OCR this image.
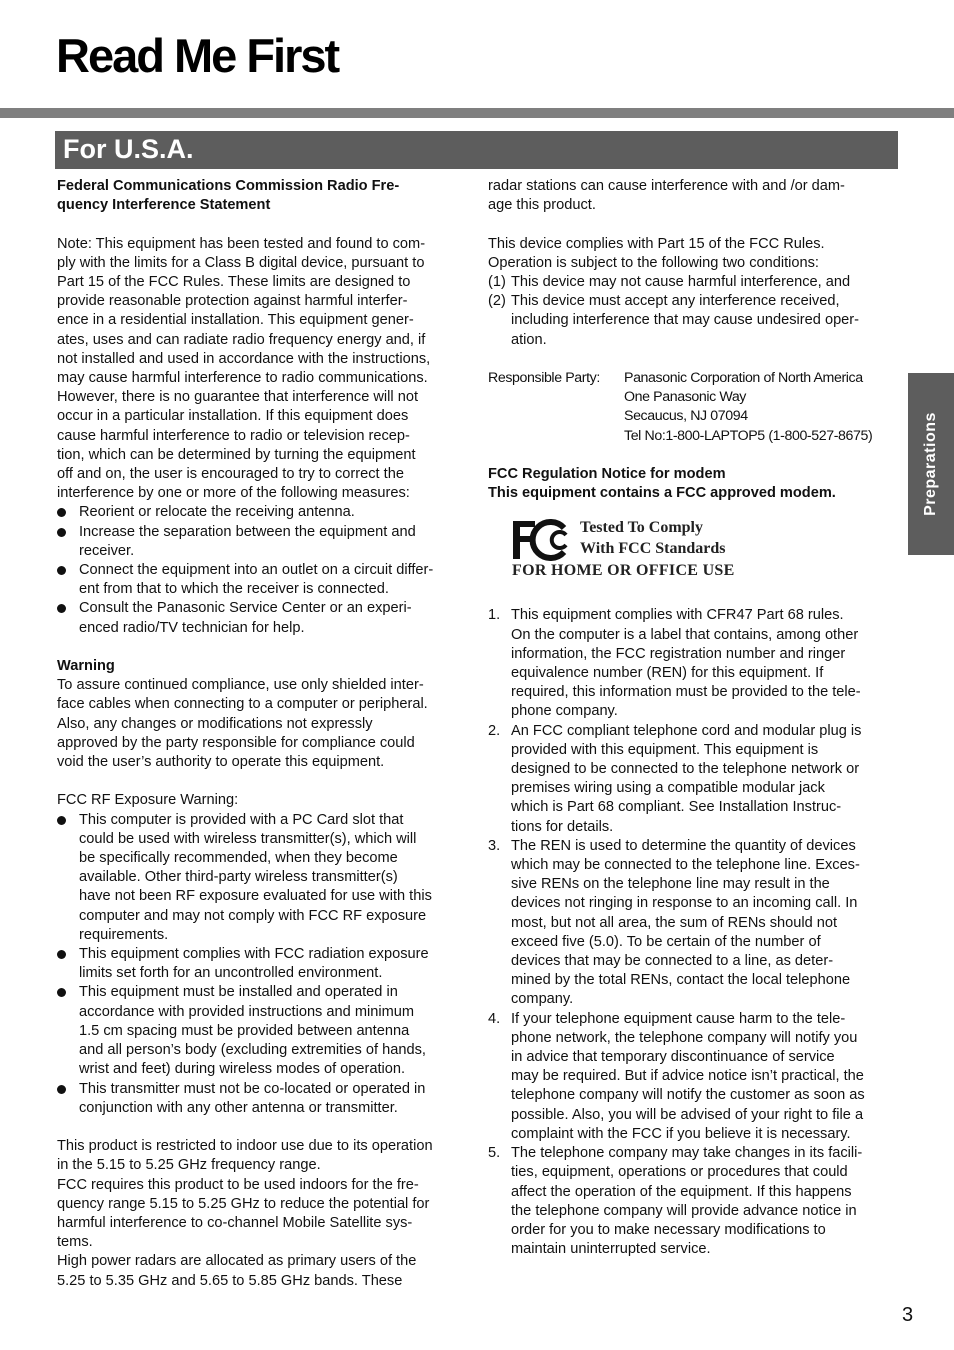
Read Me First
For U.S.A.
Preparations

Federal Communications Commission Radio Fre-
quency Interference Statement

Note: This equipment has been tested and found to com-
ply with the limits for a Class B digital device, pursuant to
Part 15 of the FCC Rules. These limits are designed to
provide reasonable protection against harmful interfer-
ence in a residential installation. This equipment gener-
ates, uses and can radiate radio frequency energy and, if
not installed and used in accordance with the instructions,
may cause harmful interference to radio communications.
However, there is no guarantee that interference will not
occur in a particular installation. If this equipment does
cause harmful interference to radio or television recep-
tion, which can be determined by turning the equipment
off and on, the user is encouraged to try to correct the
interference by one or more of the following measures:

Reorient or relocate the receiving antenna.
Increase the separation between the equipment and
receiver.
Connect the equipment into an outlet on a circuit differ-
ent from that to which the receiver is connected.
Consult the Panasonic Service Center or an experi-
enced radio/TV technician for help.

Warning

To assure continued compliance, use only shielded inter-
face cables when connecting to a computer or peripheral.
Also, any changes or modifications not expressly
approved by the party responsible for compliance could
void the user’s authority to operate this equipment.

FCC RF Exposure Warning:

This computer is provided with a PC Card slot that
could be used with wireless transmitter(s), which will
be specifically recommended, when they become
available. Other third-party wireless transmitter(s)
have not been RF exposure evaluated for use with this
computer and may not comply with FCC RF exposure
requirements.
This equipment complies with FCC radiation exposure
limits set forth for an uncontrolled environment.
This equipment must be installed and operated in
accordance with provided instructions and minimum
1.5 cm spacing must be provided between antenna
and all person’s body (excluding extremities of hands,
wrist and feet) during wireless modes of operation.
This transmitter must not be co-located or operated in
conjunction with any other antenna or transmitter.

This product is restricted to indoor use due to its operation
in the 5.15 to 5.25 GHz frequency range.
FCC requires this product to be used indoors for the fre-
quency range 5.15 to 5.25 GHz to reduce the potential for
harmful interference to co-channel Mobile Satellite sys-
tems.
High power radars are allocated as primary users of the
5.25 to 5.35 GHz and 5.65 to 5.85 GHz bands. These

radar stations can cause interference with and /or dam-
age this product.

This device complies with Part 15 of the FCC Rules.
Operation is subject to the following two conditions:

(1) This device may not cause harmful interference, and
(2) This device must accept any interference received,
including interference that may cause undesired oper-
ation.
Responsible Party:	Panasonic Corporation of North America
One Panasonic Way
Secaucus, NJ 07094
Tel No:1-800-LAPTOP5 (1-800-527-8675)

FCC Regulation Notice for modem
This equipment contains a FCC approved modem.

Tested To Comply
With FCC Standards
FOR HOME OR OFFICE USE
1. This equipment complies with CFR47 Part 68 rules.
On the computer is a label that contains, among other
information, the FCC registration number and ringer
equivalence number (REN) for this equipment. If
required, this information must be provided to the tele-
phone company.
2. An FCC compliant telephone cord and modular plug is
provided with this equipment. This equipment is
designed to be connected to the telephone network or
premises wiring using a compatible modular jack
which is Part 68 compliant. See Installation Instruc-
tions for details.
3. The REN is used to determine the quantity of devices
which may be connected to the telephone line. Exces-
sive RENs on the telephone line may result in the
devices not ringing in response to an incoming call. In
most, but not all area, the sum of RENs should not
exceed five (5.0). To be certain of the number of
devices that may be connected to a line, as deter-
mined by the total RENs, contact the local telephone
company.
4. If your telephone equipment cause harm to the tele-
phone network, the telephone company will notify you
in advice that temporary discontinuance of service
may be required. But if advice notice isn’t practical, the
telephone company will notify the customer as soon as
possible. Also, you will be advised of your right to file a
complaint with the FCC if you believe it is necessary.
5. The telephone company may take changes in its facili-
ties, equipment, operations or procedures that could
affect the operation of the equipment. If this happens
the telephone company will provide advance notice in
order for you to make necessary modifications to
maintain uninterrupted service.
3
